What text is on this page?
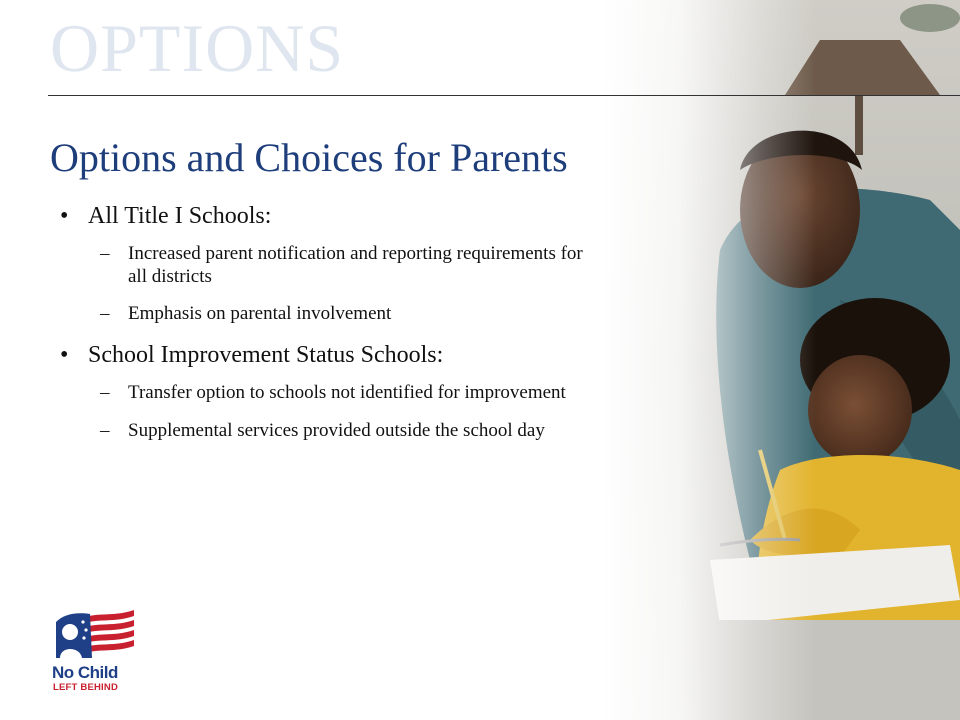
OPTIONS
Options and Choices for Parents
• All Title I Schools:
– Increased parent notification and reporting requirements for all districts
– Emphasis on parental involvement
• School Improvement Status Schools:
– Transfer option to schools not identified for improvement
– Supplemental services provided outside the school day
No Child
LEFT BEHIND
